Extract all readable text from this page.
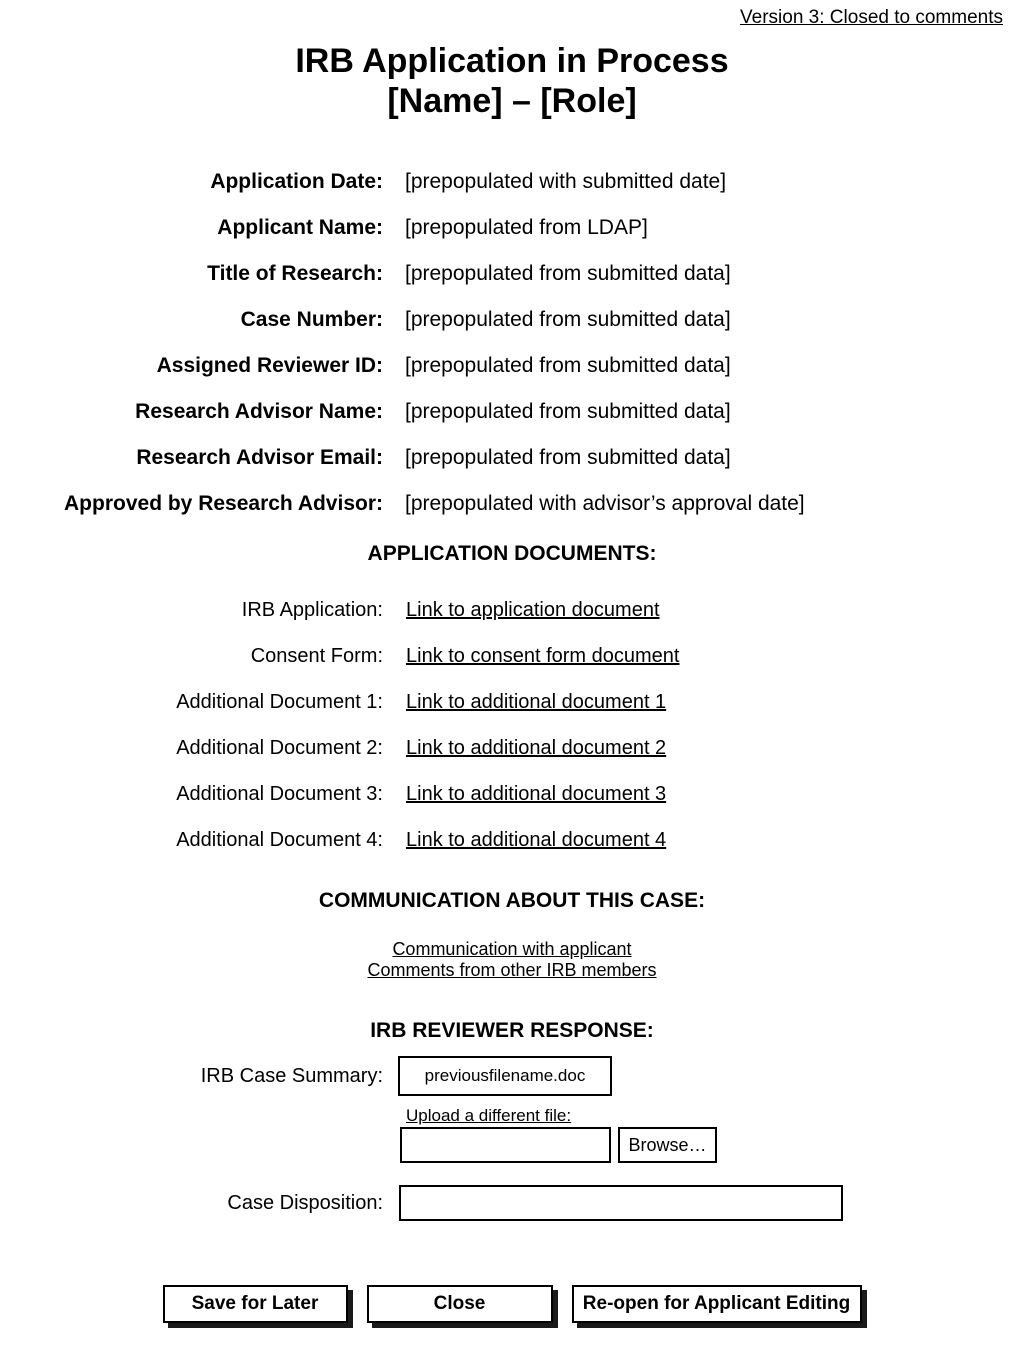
Version 3: Closed to comments
IRB Application in Process
[Name] – [Role]
Application Date: [prepopulated with submitted date]
Applicant Name: [prepopulated from LDAP]
Title of Research: [prepopulated from submitted data]
Case Number: [prepopulated from submitted data]
Assigned Reviewer ID: [prepopulated from submitted data]
Research Advisor Name: [prepopulated from submitted data]
Research Advisor Email: [prepopulated from submitted data]
Approved by Research Advisor: [prepopulated with advisor’s approval date]
APPLICATION DOCUMENTS:
IRB Application: Link to application document
Consent Form: Link to consent form document
Additional Document 1: Link to additional document 1
Additional Document 2: Link to additional document 2
Additional Document 3: Link to additional document 3
Additional Document 4: Link to additional document 4
COMMUNICATION ABOUT THIS CASE:
Communication with applicant
Comments from other IRB members
IRB REVIEWER RESPONSE:
IRB Case Summary:	previousfilename.doc
Upload a different file:
Browse…
Case Disposition:
Save for Later	Close	Re-open for Applicant Editing
